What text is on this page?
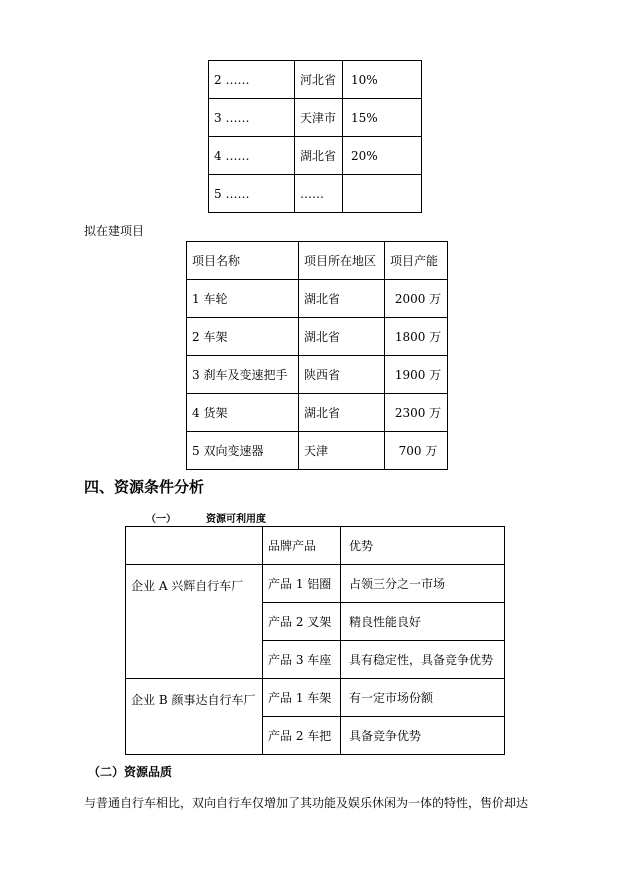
2 ……	河北省	10%
3 ……	天津市	15%
4 ……	湖北省	20%
5 ……	……	
拟在建项目
项目名称	项目所在地区	项目产能
1 车轮	湖北省	2000 万
2 车架	湖北省	1800 万
3 刹车及变速把手	陕西省	1900 万
4 货架	湖北省	2300 万
5 双向变速器	天津	700 万
四、资源条件分析
（一）	资源可利用度
	品牌产品	优势
企业 A 兴辉自行车厂	产品 1 铝圈	占领三分之一市场
	产品 2 叉架	精良性能良好
	产品 3 车座	具有稳定性，具备竞争优势
企业 B 颜事达自行车厂	产品 1 车架	有一定市场份额
	产品 2 车把	具备竞争优势
（二）资源品质
与普通自行车相比，双向自行车仅增加了其功能及娱乐休闲为一体的特性，售价却达
